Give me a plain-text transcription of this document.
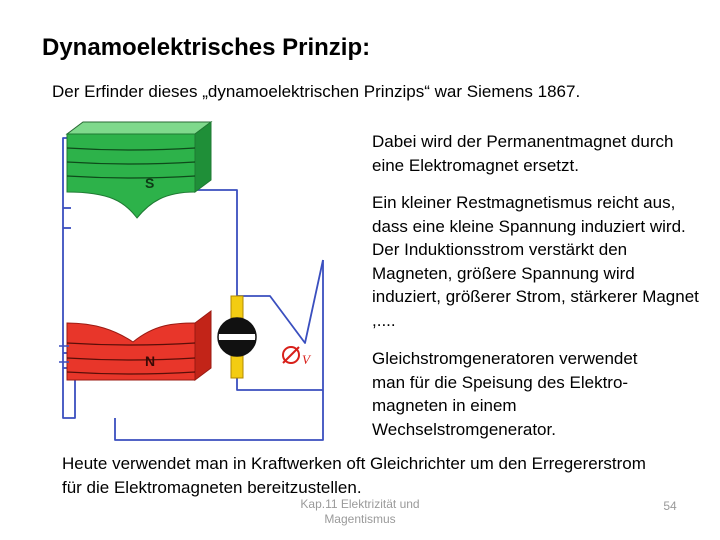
Dynamoelektrisches Prinzip:
Der Erfinder dieses „dynamoelektrischen Prinzips“ war Siemens 1867.
S
N	V
Dabei wird der Permanentmagnet durch eine Elektromagnet ersetzt.
Ein kleiner Restmagnetismus reicht aus, dass eine kleine Spannung induziert wird. Der Induktionsstrom verstärkt den Magneten, größere Spannung wird induziert, größerer Strom, stärkerer Magnet ,....
Gleichstromgeneratoren verwendet man für die Speisung des Elektro-magneten in einem Wechselstromgenerator.
Heute verwendet man in Kraftwerken oft Gleichrichter um den Erregererstrom für die Elektromagneten bereitzustellen.
Kap.11 Elektrizität und Magentismus
54
